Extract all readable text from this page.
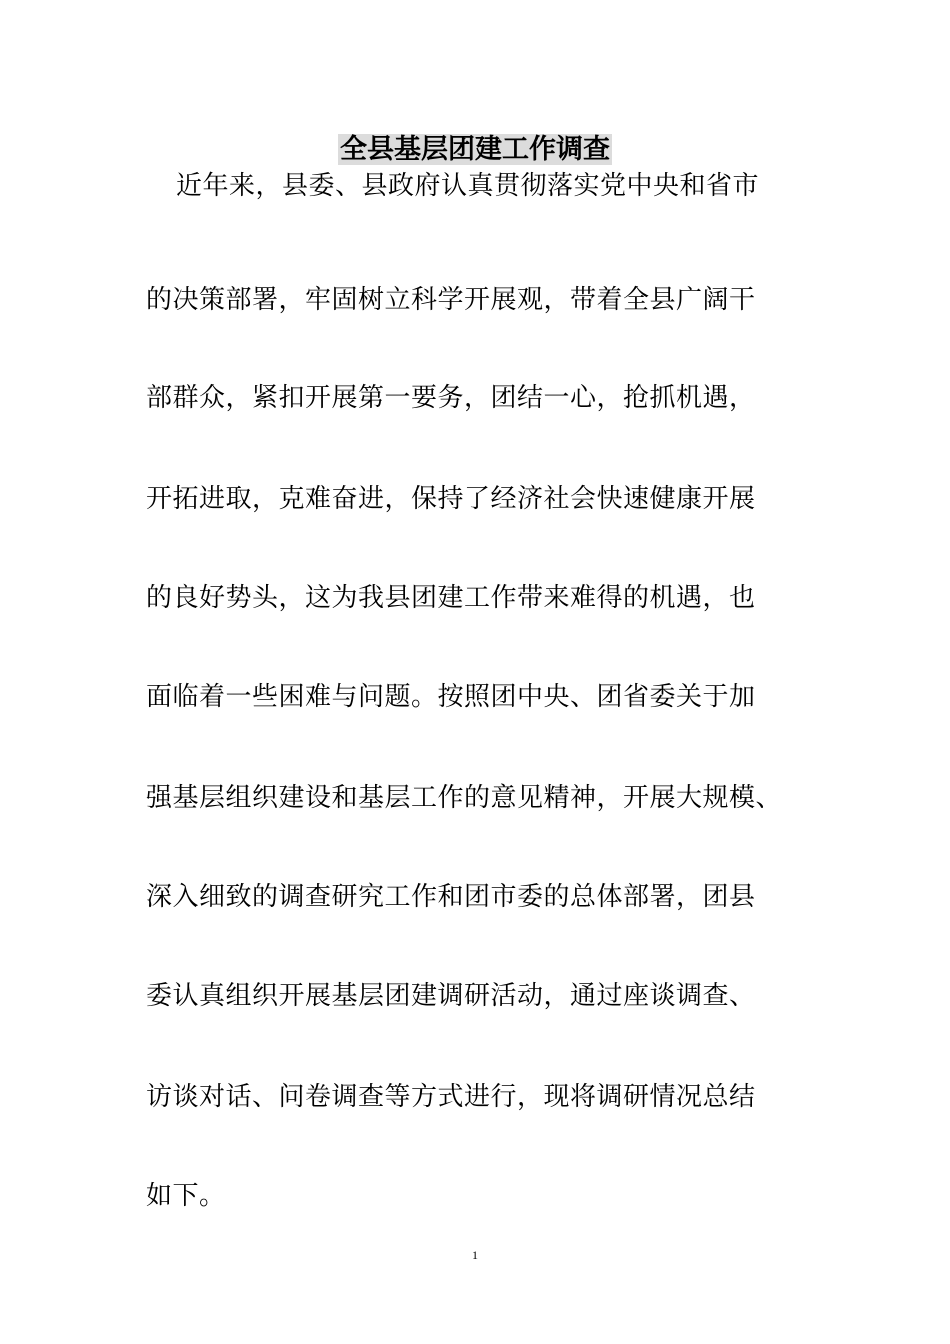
全县基层团建工作调查
近年来，县委、县政府认真贯彻落实党中央和省市
的决策部署，牢固树立科学开展观，带着全县广阔干
部群众，紧扣开展第一要务，团结一心，抢抓机遇，
开拓进取，克难奋进，保持了经济社会快速健康开展
的良好势头，这为我县团建工作带来难得的机遇，也
面临着一些困难与问题。按照团中央、团省委关于加
强基层组织建设和基层工作的意见精神，开展大规模、
深入细致的调查研究工作和团市委的总体部署，团县
委认真组织开展基层团建调研活动，通过座谈调查、
访谈对话、问卷调查等方式进行，现将调研情况总结
如下。
1
